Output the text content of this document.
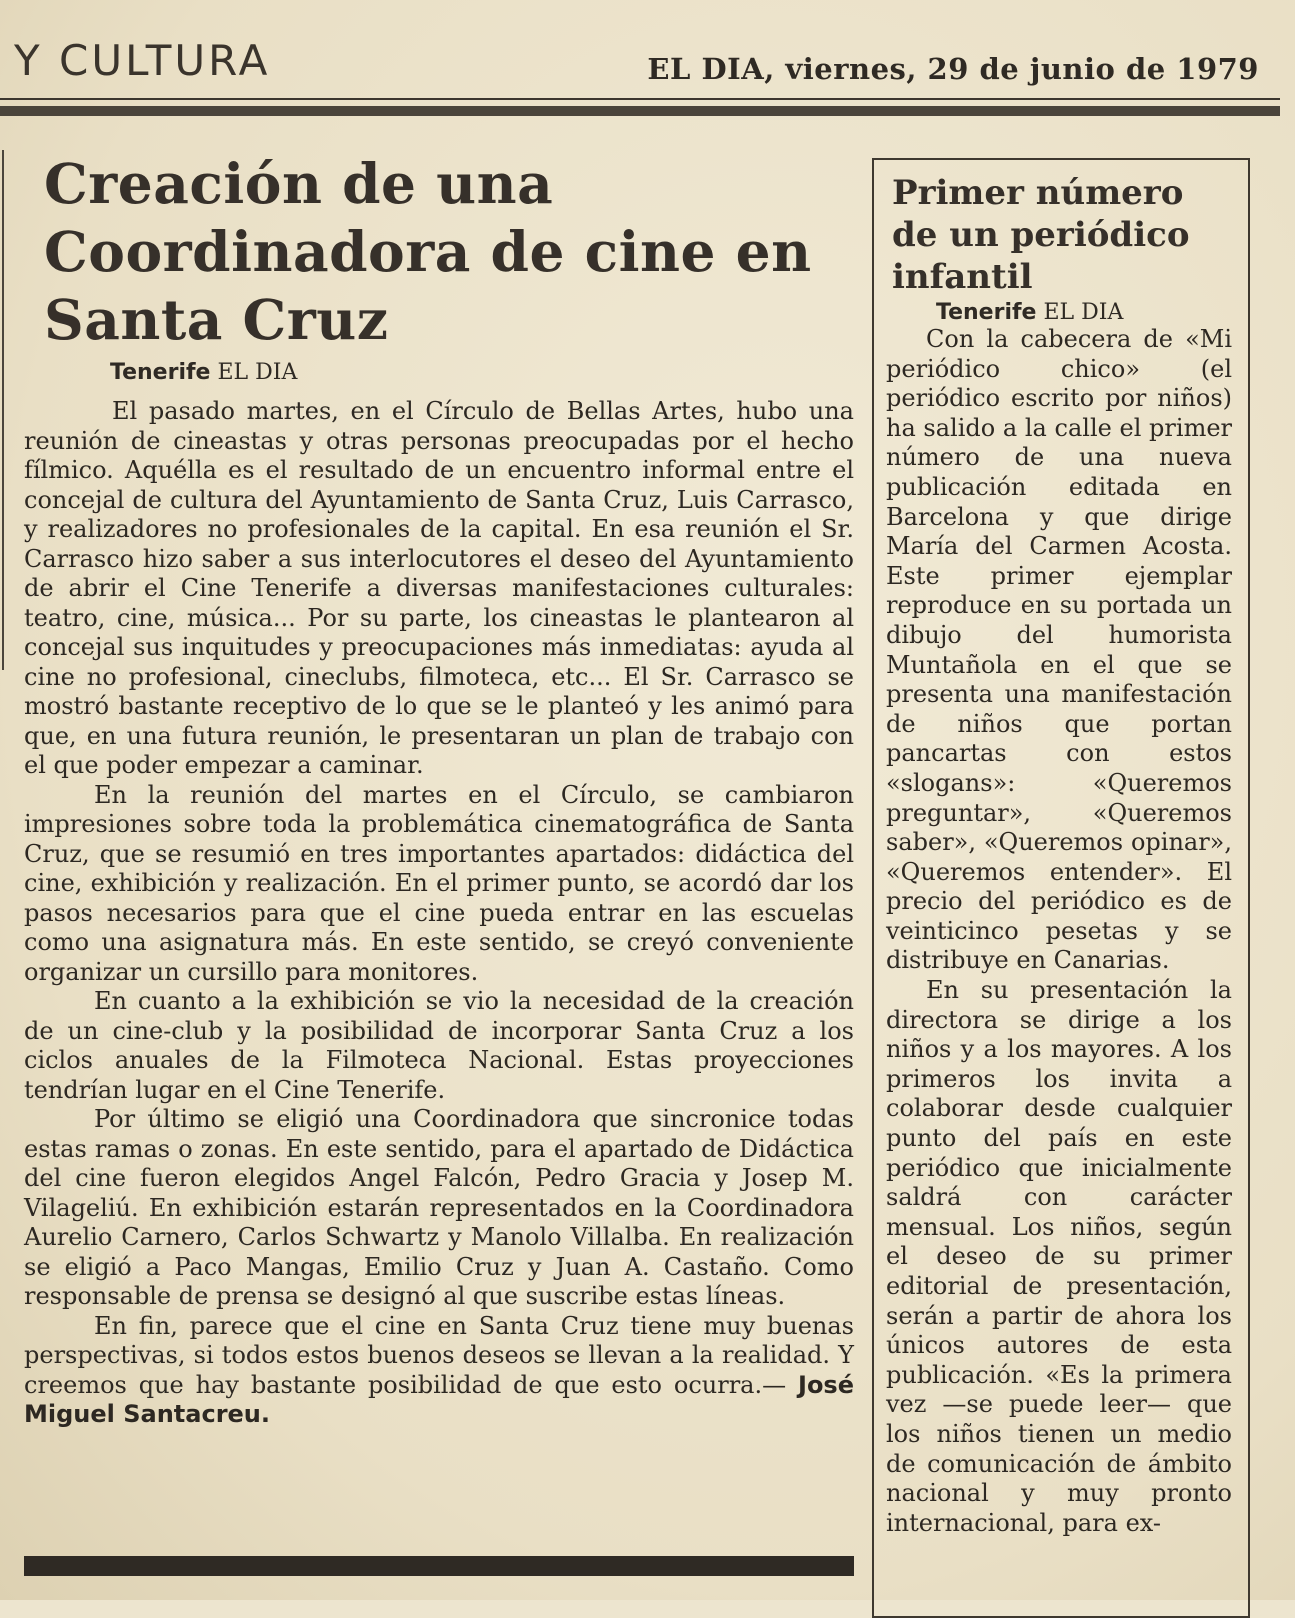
Y CULTURA	EL DIA, viernes, 29 de junio de 1979
Creación de una Coordinadora de cine en Santa Cruz
Tenerife EL DIA

El pasado martes, en el Círculo de Bellas Artes, hubo una reunión de cineastas y otras personas preocupadas por el hecho fílmico. Aquélla es el resultado de un encuentro informal entre el concejal de cultura del Ayuntamiento de Santa Cruz, Luis Carrasco, y realizadores no profesionales de la capital. En esa reunión el Sr. Carrasco hizo saber a sus interlocutores el deseo del Ayuntamiento de abrir el Cine Tenerife a diversas manifestaciones culturales: teatro, cine, música... Por su parte, los cineastas le plantearon al concejal sus inquitudes y preocupaciones más inmediatas: ayuda al cine no profesional, cineclubs, filmoteca, etc... El Sr. Carrasco se mostró bastante receptivo de lo que se le planteó y les animó para que, en una futura reunión, le presentaran un plan de trabajo con el que poder empezar a caminar.

En la reunión del martes en el Círculo, se cambiaron impresiones sobre toda la problemática cinematográfica de Santa Cruz, que se resumió en tres importantes apartados: didáctica del cine, exhibición y realización. En el primer punto, se acordó dar los pasos necesarios para que el cine pueda entrar en las escuelas como una asignatura más. En este sentido, se creyó conveniente organizar un cursillo para monitores.

En cuanto a la exhibición se vio la necesidad de la creación de un cine-club y la posibilidad de incorporar Santa Cruz a los ciclos anuales de la Filmoteca Nacional. Estas proyecciones tendrían lugar en el Cine Tenerife.

Por último se eligió una Coordinadora que sincronice todas estas ramas o zonas. En este sentido, para el apartado de Didáctica del cine fueron elegidos Angel Falcón, Pedro Gracia y Josep M. Vilageliú. En exhibición estarán representados en la Coordinadora Aurelio Carnero, Carlos Schwartz y Manolo Villalba. En realización se eligió a Paco Mangas, Emilio Cruz y Juan A. Castaño. Como responsable de prensa se designó al que suscribe estas líneas.

En fin, parece que el cine en Santa Cruz tiene muy buenas perspectivas, si todos estos buenos deseos se llevan a la realidad. Y creemos que hay bastante posibilidad de que esto ocurra.— José Miguel Santacreu.

Primer número de un periódico infantil
Tenerife EL DIA

Con la cabecera de «Mi periódico chico» (el periódico escrito por niños) ha salido a la calle el primer número de una nueva publicación editada en Barcelona y que dirige María del Carmen Acosta. Este primer ejemplar reproduce en su portada un dibujo del humorista Muntañola en el que se presenta una manifestación de niños que portan pancartas con estos «slogans»: «Queremos preguntar», «Queremos saber», «Queremos opinar», «Queremos entender». El precio del periódico es de veinticinco pesetas y se distribuye en Canarias.

En su presentación la directora se dirige a los niños y a los mayores. A los primeros los invita a colaborar desde cualquier punto del país en este periódico que inicialmente saldrá con carácter mensual. Los niños, según el deseo de su primer editorial de presentación, serán a partir de ahora los únicos autores de esta publicación. «Es la primera vez —se puede leer— que los niños tienen un medio de comunicación de ámbito nacional y muy pronto internacional, para ex-
